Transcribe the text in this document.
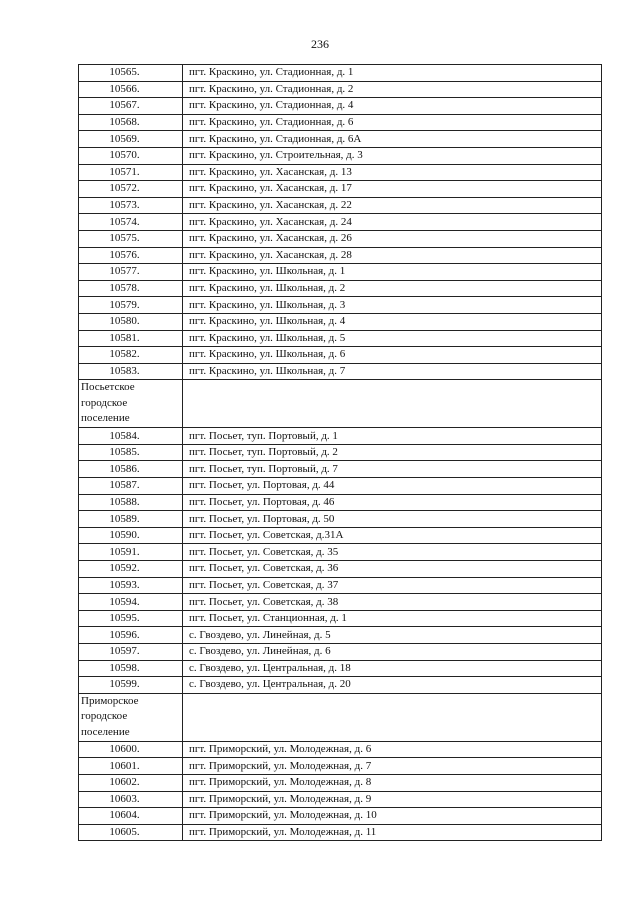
236
10565.	пгт. Краскино, ул. Стадионная, д. 1
10566.	пгт. Краскино, ул. Стадионная, д. 2
10567.	пгт. Краскино, ул. Стадионная, д. 4
10568.	пгт. Краскино, ул. Стадионная, д. 6
10569.	пгт. Краскино, ул. Стадионная, д. 6А
10570.	пгт. Краскино, ул. Строительная, д. 3
10571.	пгт. Краскино, ул. Хасанская, д. 13
10572.	пгт. Краскино, ул. Хасанская, д. 17
10573.	пгт. Краскино, ул. Хасанская, д. 22
10574.	пгт. Краскино, ул. Хасанская, д. 24
10575.	пгт. Краскино, ул. Хасанская, д. 26
10576.	пгт. Краскино, ул. Хасанская, д. 28
10577.	пгт. Краскино, ул. Школьная, д. 1
10578.	пгт. Краскино, ул. Школьная, д. 2
10579.	пгт. Краскино, ул. Школьная, д. 3
10580.	пгт. Краскино, ул. Школьная, д. 4
10581.	пгт. Краскино, ул. Школьная, д. 5
10582.	пгт. Краскино, ул. Школьная, д. 6
10583.	пгт. Краскино, ул. Школьная, д. 7
Посьетское городское поселение	
10584.	пгт. Посьет, туп. Портовый, д. 1
10585.	пгт. Посьет, туп. Портовый, д. 2
10586.	пгт. Посьет, туп. Портовый, д. 7
10587.	пгт. Посьет, ул. Портовая, д. 44
10588.	пгт. Посьет, ул. Портовая, д. 46
10589.	пгт. Посьет, ул. Портовая, д. 50
10590.	пгт. Посьет, ул. Советская, д.31А
10591.	пгт. Посьет, ул. Советская, д. 35
10592.	пгт. Посьет, ул. Советская, д. 36
10593.	пгт. Посьет, ул. Советская, д. 37
10594.	пгт. Посьет, ул. Советская, д. 38
10595.	пгт. Посьет, ул. Станционная, д. 1
10596.	с. Гвоздево, ул. Линейная, д. 5
10597.	с. Гвоздево, ул. Линейная, д. 6
10598.	с. Гвоздево, ул. Центральная, д. 18
10599.	с. Гвоздево, ул. Центральная, д. 20
Приморское городское поселение	
10600.	пгт. Приморский, ул. Молодежная, д. 6
10601.	пгт. Приморский, ул. Молодежная, д. 7
10602.	пгт. Приморский, ул. Молодежная, д. 8
10603.	пгт. Приморский, ул. Молодежная, д. 9
10604.	пгт. Приморский, ул. Молодежная, д. 10
10605.	пгт. Приморский, ул. Молодежная, д. 11
